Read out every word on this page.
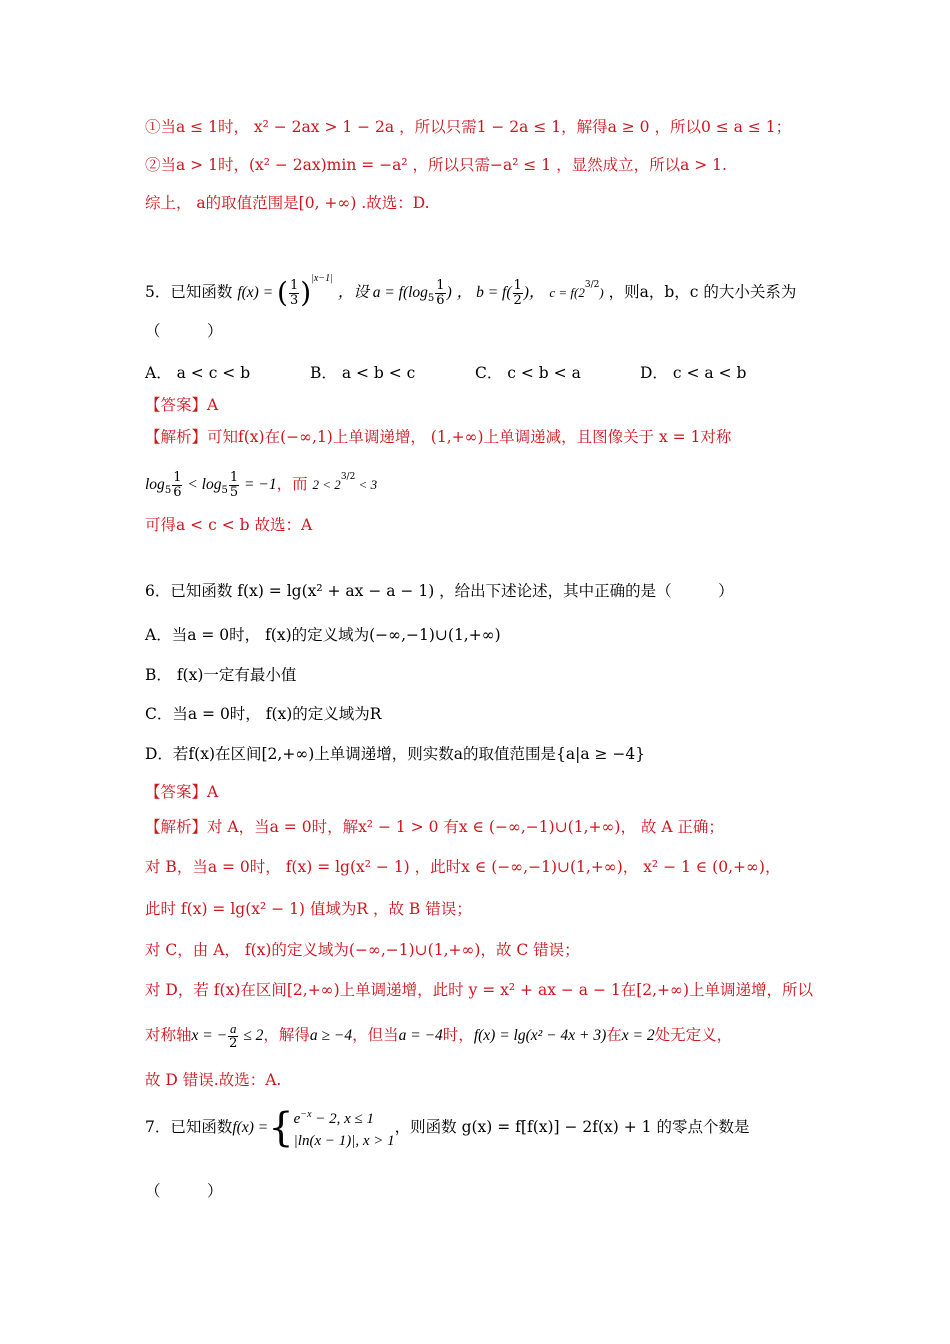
①当a ≤ 1时， x² − 2ax > 1 − 2a ，所以只需1 − 2a ≤ 1，解得a ≥ 0 ，所以0 ≤ a ≤ 1；
②当a > 1时，(x² − 2ax)min = −a² ，所以只需−a² ≤ 1 ，显然成立，所以a > 1.
综上， a的取值范围是[0, +∞) .故选：D.
5．已知函数 f(x) = ( $\frac{1}{3} )^{|x-1|}$ ，设 $a = f(\log_5 \frac{1}{6}$ ) ， $b = f( \frac{1}{2}$ )， $c = f(2^{3/2})$ ，则a，b，c 的大小关系为
（　　　）
A． a < c < b	B． a < b < c	C． c < b < a	D． c < a < b
【答案】A
【解析】可知f(x)在(−∞,1)上单调递增， (1,+∞)上单调递减，且图像关于 x = 1对称
$\log_5 \frac{1}{6} < \log_5 \frac{1}{5} = -1$，而 $2 < 2^{3/2} < 3$
可得a < c < b 故选：A
6．已知函数 f(x) = lg(x² + ax − a − 1) ，给出下述论述，其中正确的是（　　　）
A．当a = 0时， f(x)的定义域为(−∞,−1)∪(1,+∞)
B． f(x)一定有最小值
C．当a = 0时， f(x)的定义域为R
D．若f(x)在区间[2,+∞)上单调递增，则实数a的取值范围是{a|a ≥ −4}
【答案】A
【解析】对 A，当a = 0时，解x² − 1 > 0 有x ∈ (−∞,−1)∪(1,+∞)， 故 A 正确；
对 B，当a = 0时， f(x) = lg(x² − 1) ，此时x ∈ (−∞,−1)∪(1,+∞)， x² − 1 ∈ (0,+∞)，
此时 f(x) = lg(x² − 1) 值域为R ，故 B 错误；
对 C，由 A， f(x)的定义域为(−∞,−1)∪(1,+∞)，故 C 错误；
对 D，若 f(x)在区间[2,+∞)上单调递增，此时 y = x² + ax − a − 1在[2,+∞)上单调递增，所以
对称轴x = − $\frac{a}{2} \le 2$，解得a ≥ −4，但当a = −4时，f(x) = lg(x² − 4x + 3)在x = 2处无定义，
故 D 错误.故选：A.
7．已知函数f(x) ={ $e^{-x} - 2$, x ≤ 1
|ln(x − 1)|, x > 1
，则函数 g(x) = f[f(x)] − 2f(x) + 1 的零点个数是
（　　　）
